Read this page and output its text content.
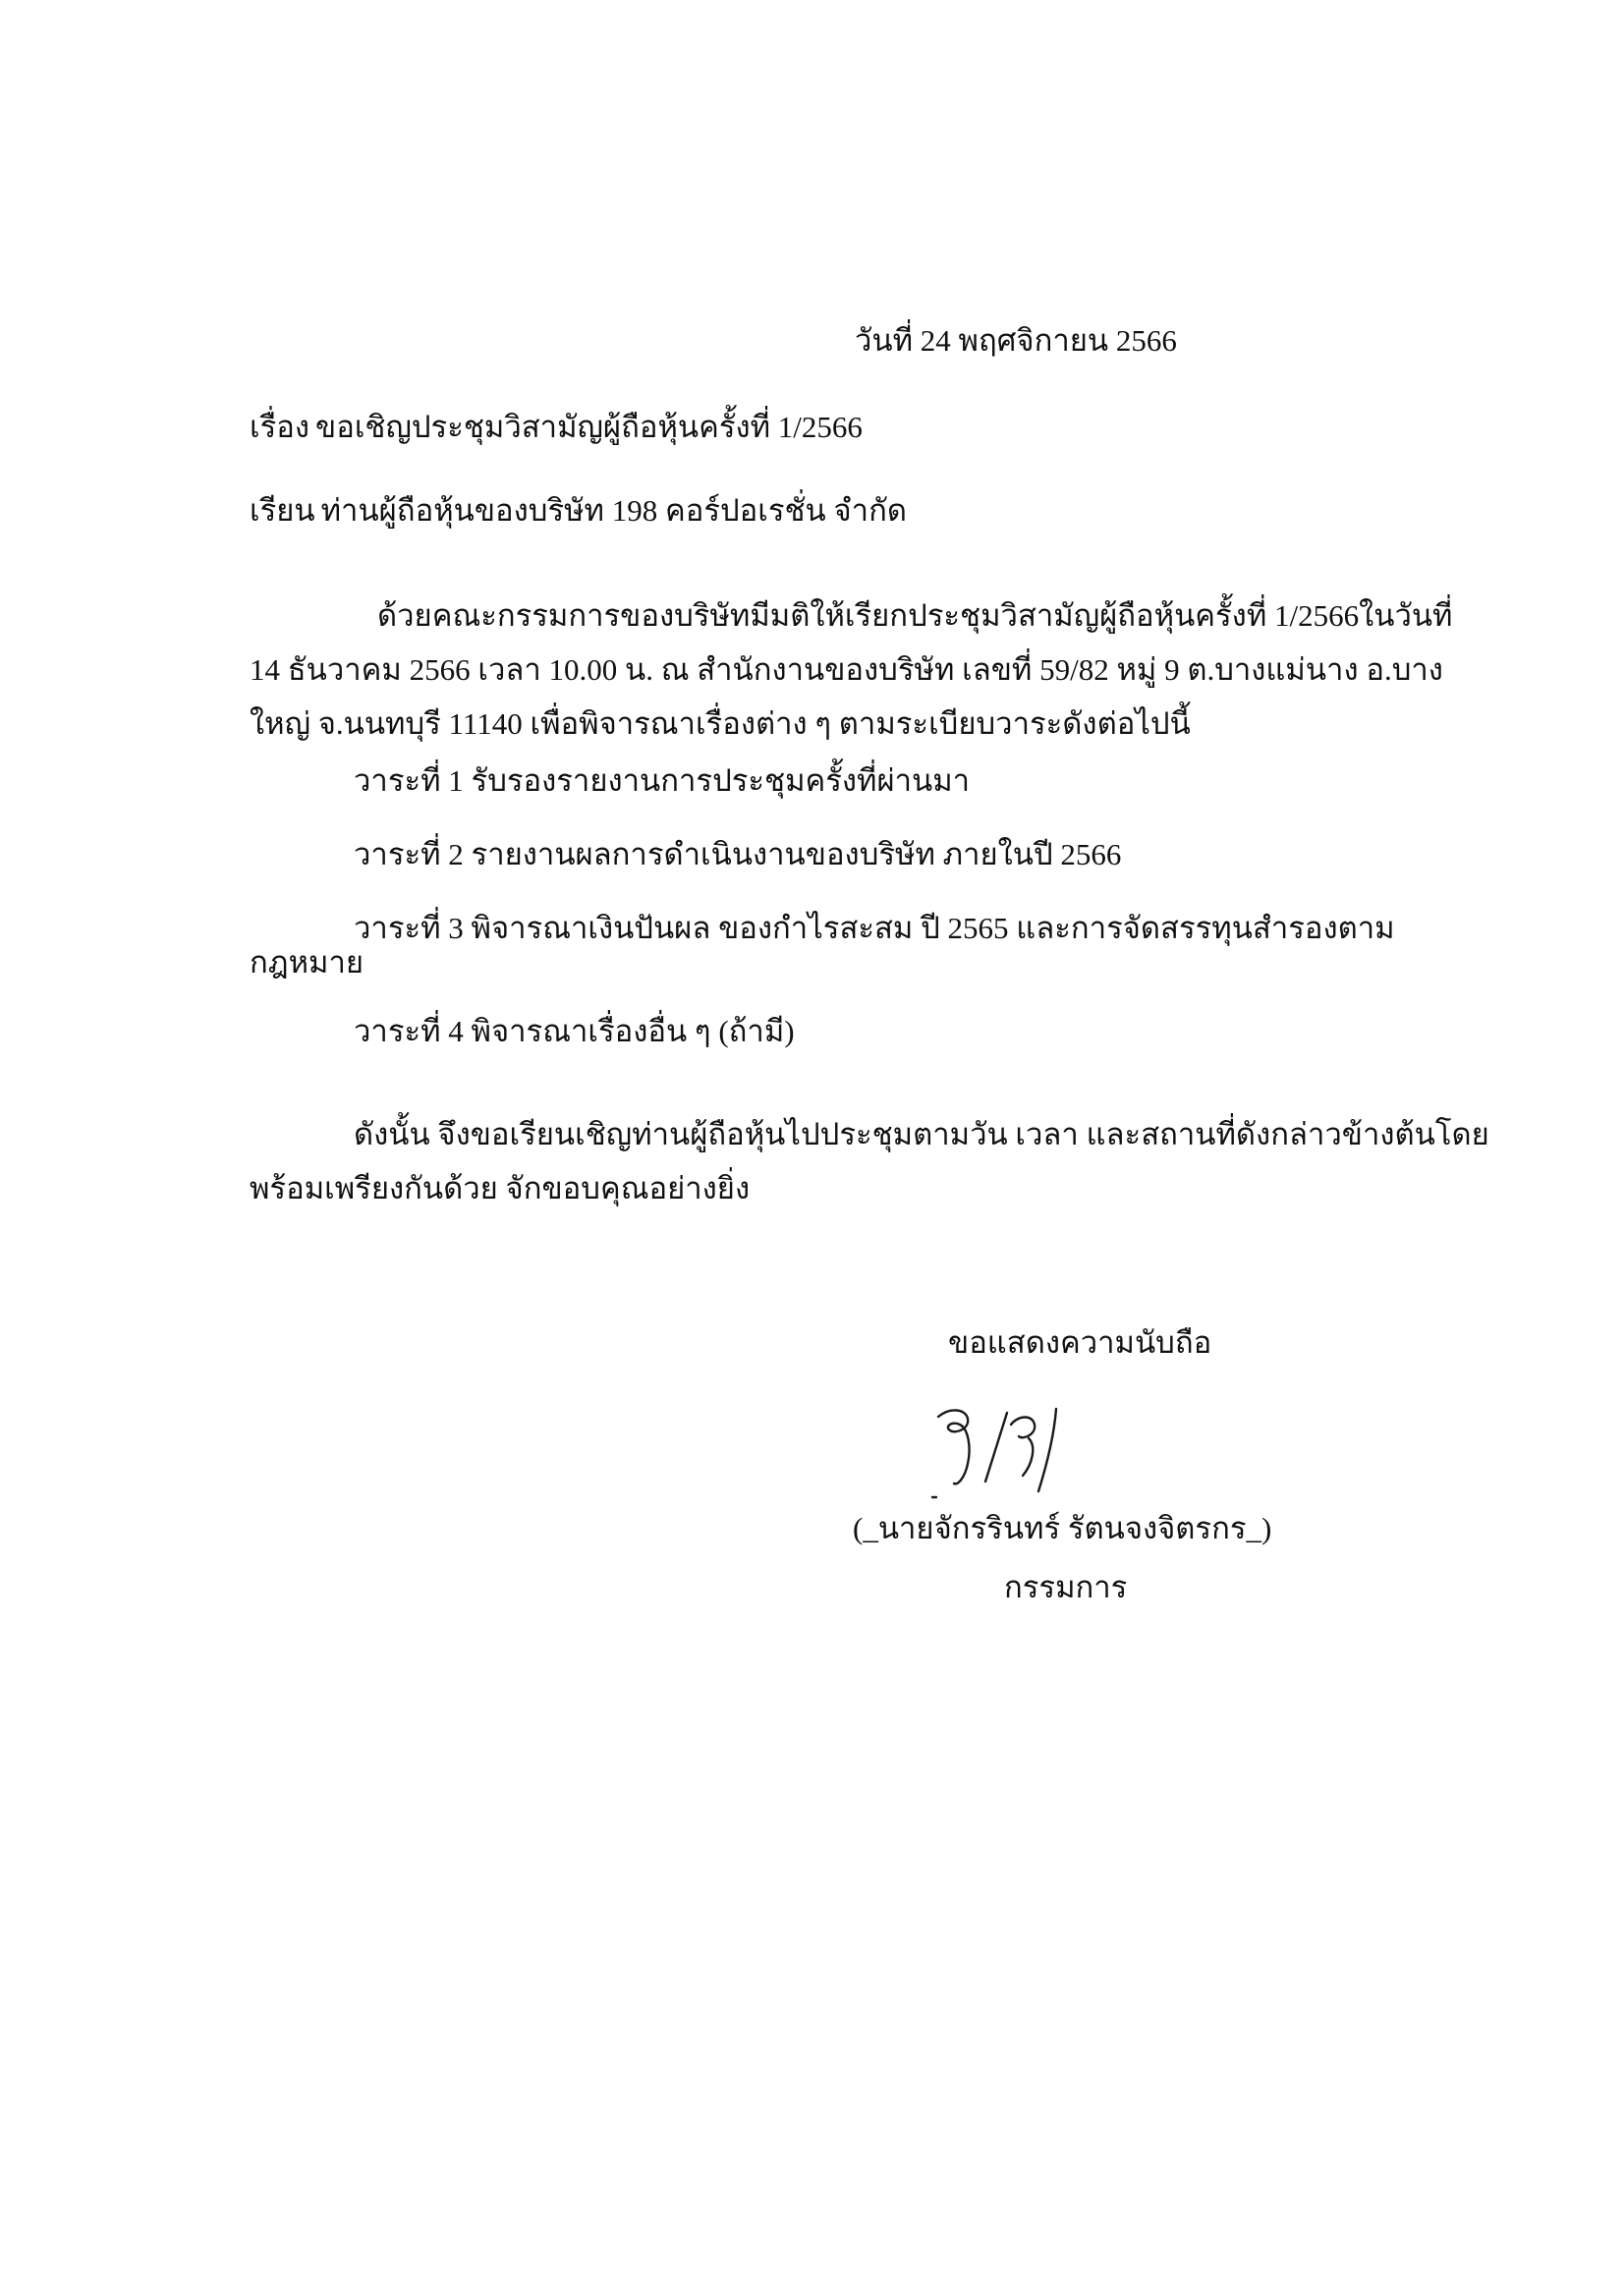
วันที่ 24 พฤศจิกายน 2566
เรื่อง ขอเชิญประชุมวิสามัญผู้ถือหุ้นครั้งที่ 1/2566
เรียน ท่านผู้ถือหุ้นของบริษัท 198 คอร์ปอเรชั่น จำกัด
ด้วยคณะกรรมการของบริษัทมีมติให้เรียกประชุมวิสามัญผู้ถือหุ้นครั้งที่ 1/2566ในวันที่
14 ธันวาคม 2566 เวลา 10.00 น. ณ สำนักงานของบริษัท เลขที่ 59/82 หมู่ 9 ต.บางแม่นาง อ.บาง
ใหญ่ จ.นนทบุรี 11140 เพื่อพิจารณาเรื่องต่าง ๆ ตามระเบียบวาระดังต่อไปนี้
วาระที่ 1 รับรองรายงานการประชุมครั้งที่ผ่านมา
วาระที่ 2 รายงานผลการดำเนินงานของบริษัท ภายในปี 2566
วาระที่ 3 พิจารณาเงินปันผล ของกำไรสะสม ปี 2565 และการจัดสรรทุนสำรองตาม
กฎหมาย
วาระที่ 4 พิจารณาเรื่องอื่น ๆ (ถ้ามี)
ดังนั้น จึงขอเรียนเชิญท่านผู้ถือหุ้นไปประชุมตามวัน เวลา และสถานที่ดังกล่าวข้างต้นโดย
พร้อมเพรียงกันด้วย จักขอบคุณอย่างยิ่ง
ขอแสดงความนับถือ
(_นายจักรรินทร์ รัตนจงจิตรกร_)
กรรมการ
